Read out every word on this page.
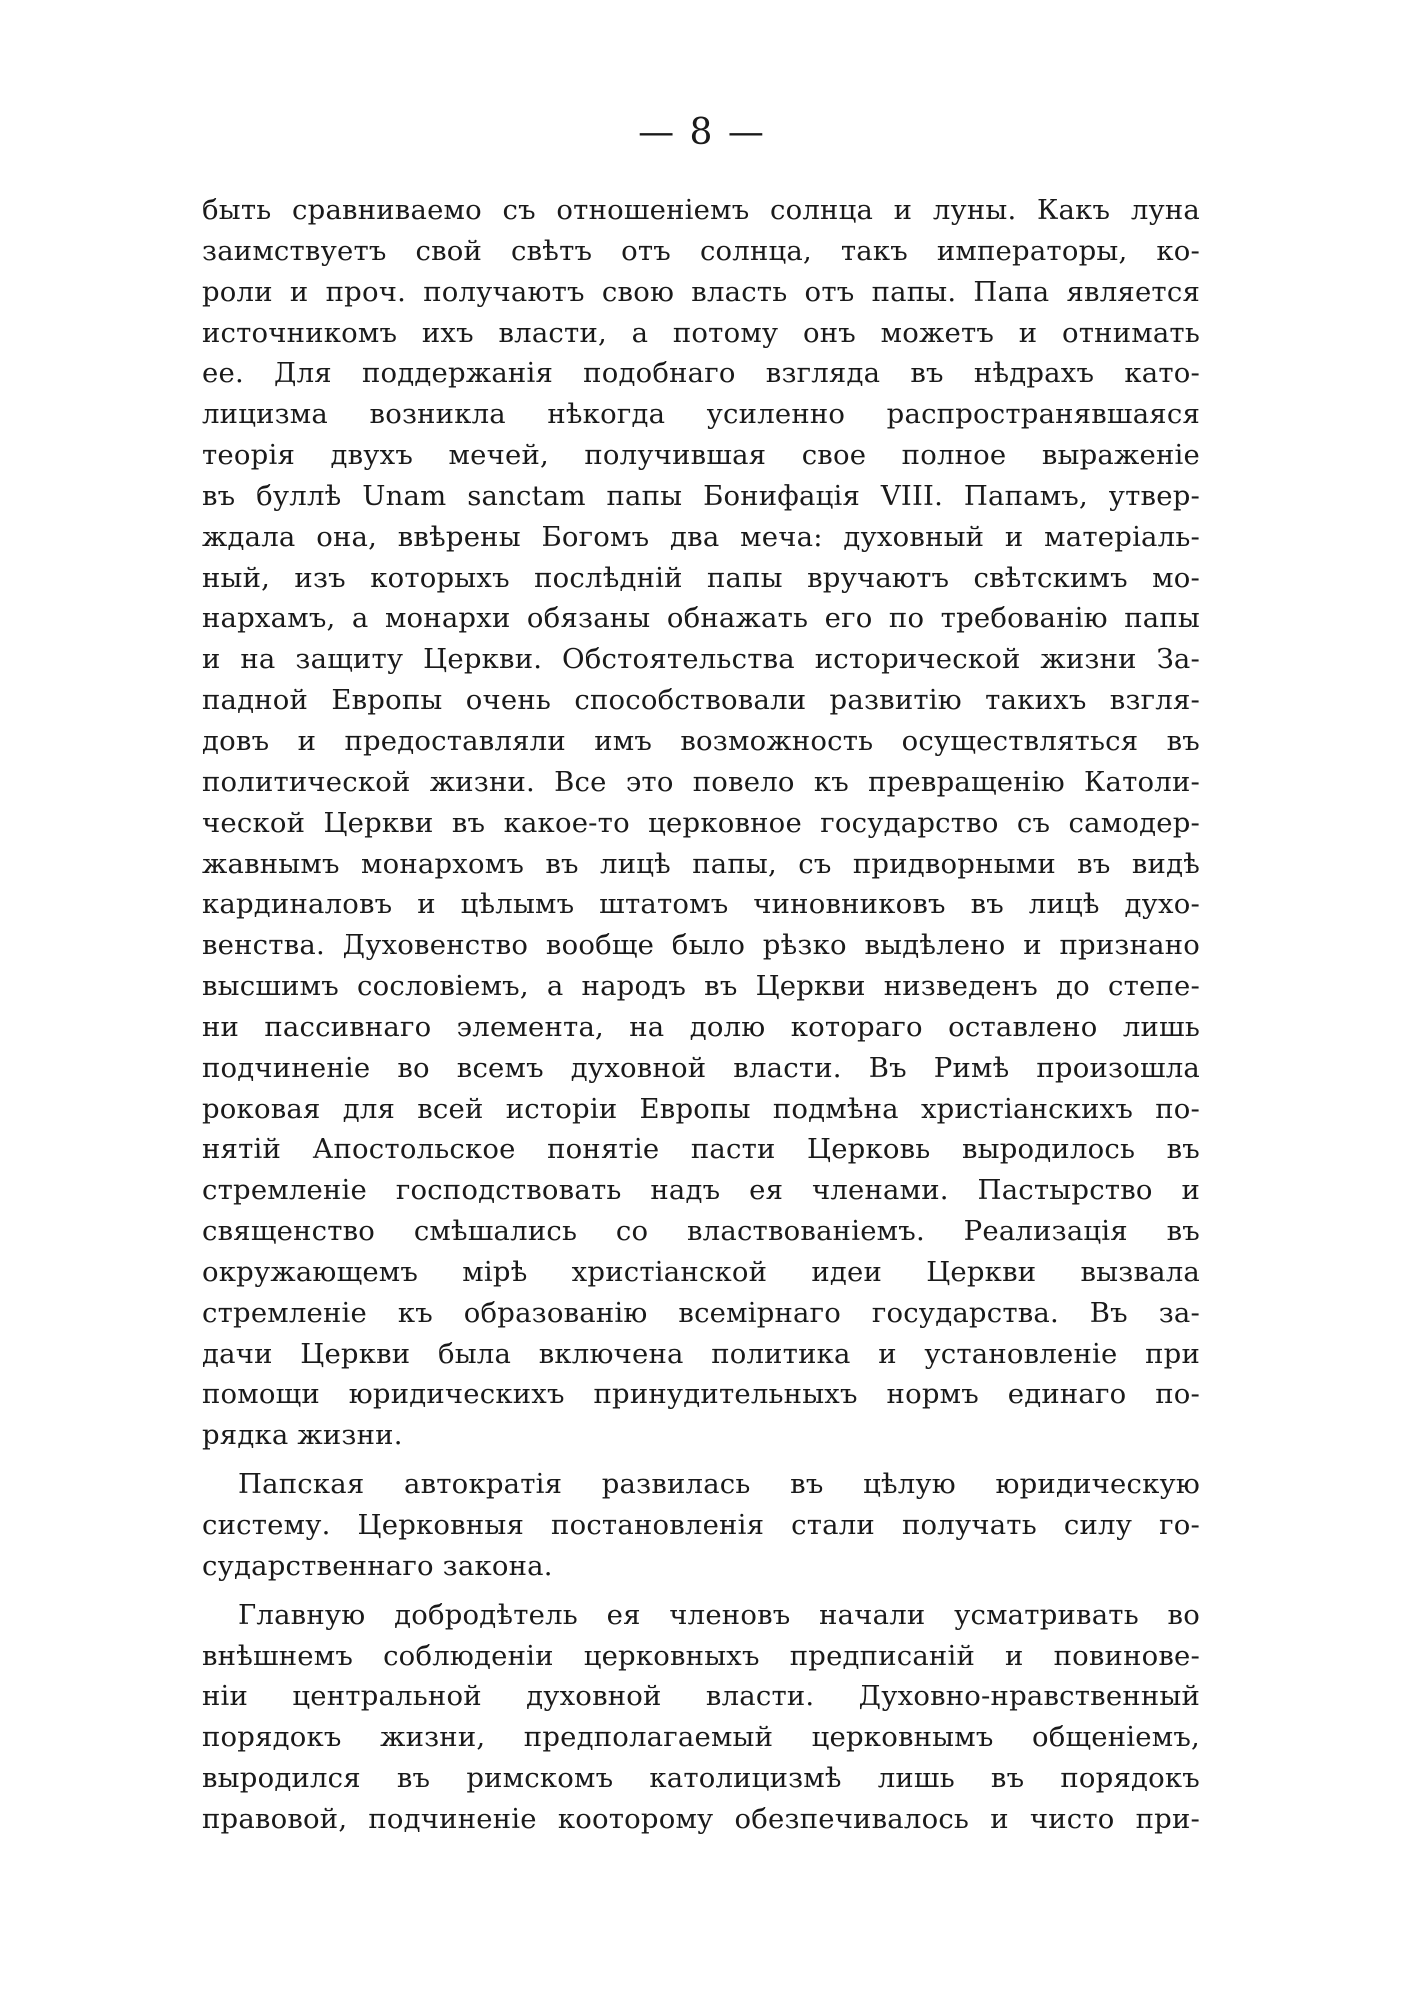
— 8 —
быть сравниваемо съ отношеніемъ солнца и луны. Какъ луна
заимствуетъ свой свѣтъ отъ солнца, такъ императоры, ко-
роли и проч. получаютъ свою власть отъ папы. Папа является
источникомъ ихъ власти, а потому онъ можетъ и отнимать
ее. Для поддержанія подобнаго взгляда въ нѣдрахъ като-
лицизма возникла нѣкогда усиленно распространявшаяся
теорія двухъ мечей, получившая свое полное выраженіе
въ буллѣ Unam sanctam папы Бонифація VIII. Папамъ, утвер-
ждала она, ввѣрены Богомъ два меча: духовный и матеріаль-
ный, изъ которыхъ послѣдній папы вручаютъ свѣтскимъ мо-
нархамъ, а монархи обязаны обнажать его по требованію папы
и на защиту Церкви. Обстоятельства исторической жизни За-
падной Европы очень способствовали развитію такихъ взгля-
довъ и предоставляли имъ возможность осуществляться въ
политической жизни. Все это повело къ превращенію Католи-
ческой Церкви въ какое-то церковное государство съ самодер-
жавнымъ монархомъ въ лицѣ папы, съ придворными въ видѣ
кардиналовъ и цѣлымъ штатомъ чиновниковъ въ лицѣ духо-
венства. Духовенство вообще было рѣзко выдѣлено и признано
высшимъ сословіемъ, а народъ въ Церкви низведенъ до степе-
ни пассивнаго элемента, на долю котораго оставлено лишь
подчиненіе во всемъ духовной власти. Въ Римѣ произошла
роковая для всей исторіи Европы подмѣна христіанскихъ по-
нятій Апостольское понятіе пасти Церковь выродилось въ
стремленіе господствовать надъ ея членами. Пастырство и
священство смѣшались со властвованіемъ. Реализація въ
окружающемъ мірѣ христіанской идеи Церкви вызвала
стремленіе къ образованію всемірнаго государства. Въ за-
дачи Церкви была включена политика и установленіе при
помощи юридическихъ принудительныхъ нормъ единаго по-
рядка жизни.
Папская автократія развилась въ цѣлую юридическую
систему. Церковныя постановленія стали получать силу го-
сударственнаго закона.
Главную добродѣтель ея членовъ начали усматривать во
внѣшнемъ соблюденіи церковныхъ предписаній и повинове-
ніи центральной духовной власти. Духовно-нравственный
порядокъ жизни, предполагаемый церковнымъ общеніемъ,
выродился въ римскомъ католицизмѣ лишь въ порядокъ
правовой, подчиненіе кооторому обезпечивалось и чисто при-
